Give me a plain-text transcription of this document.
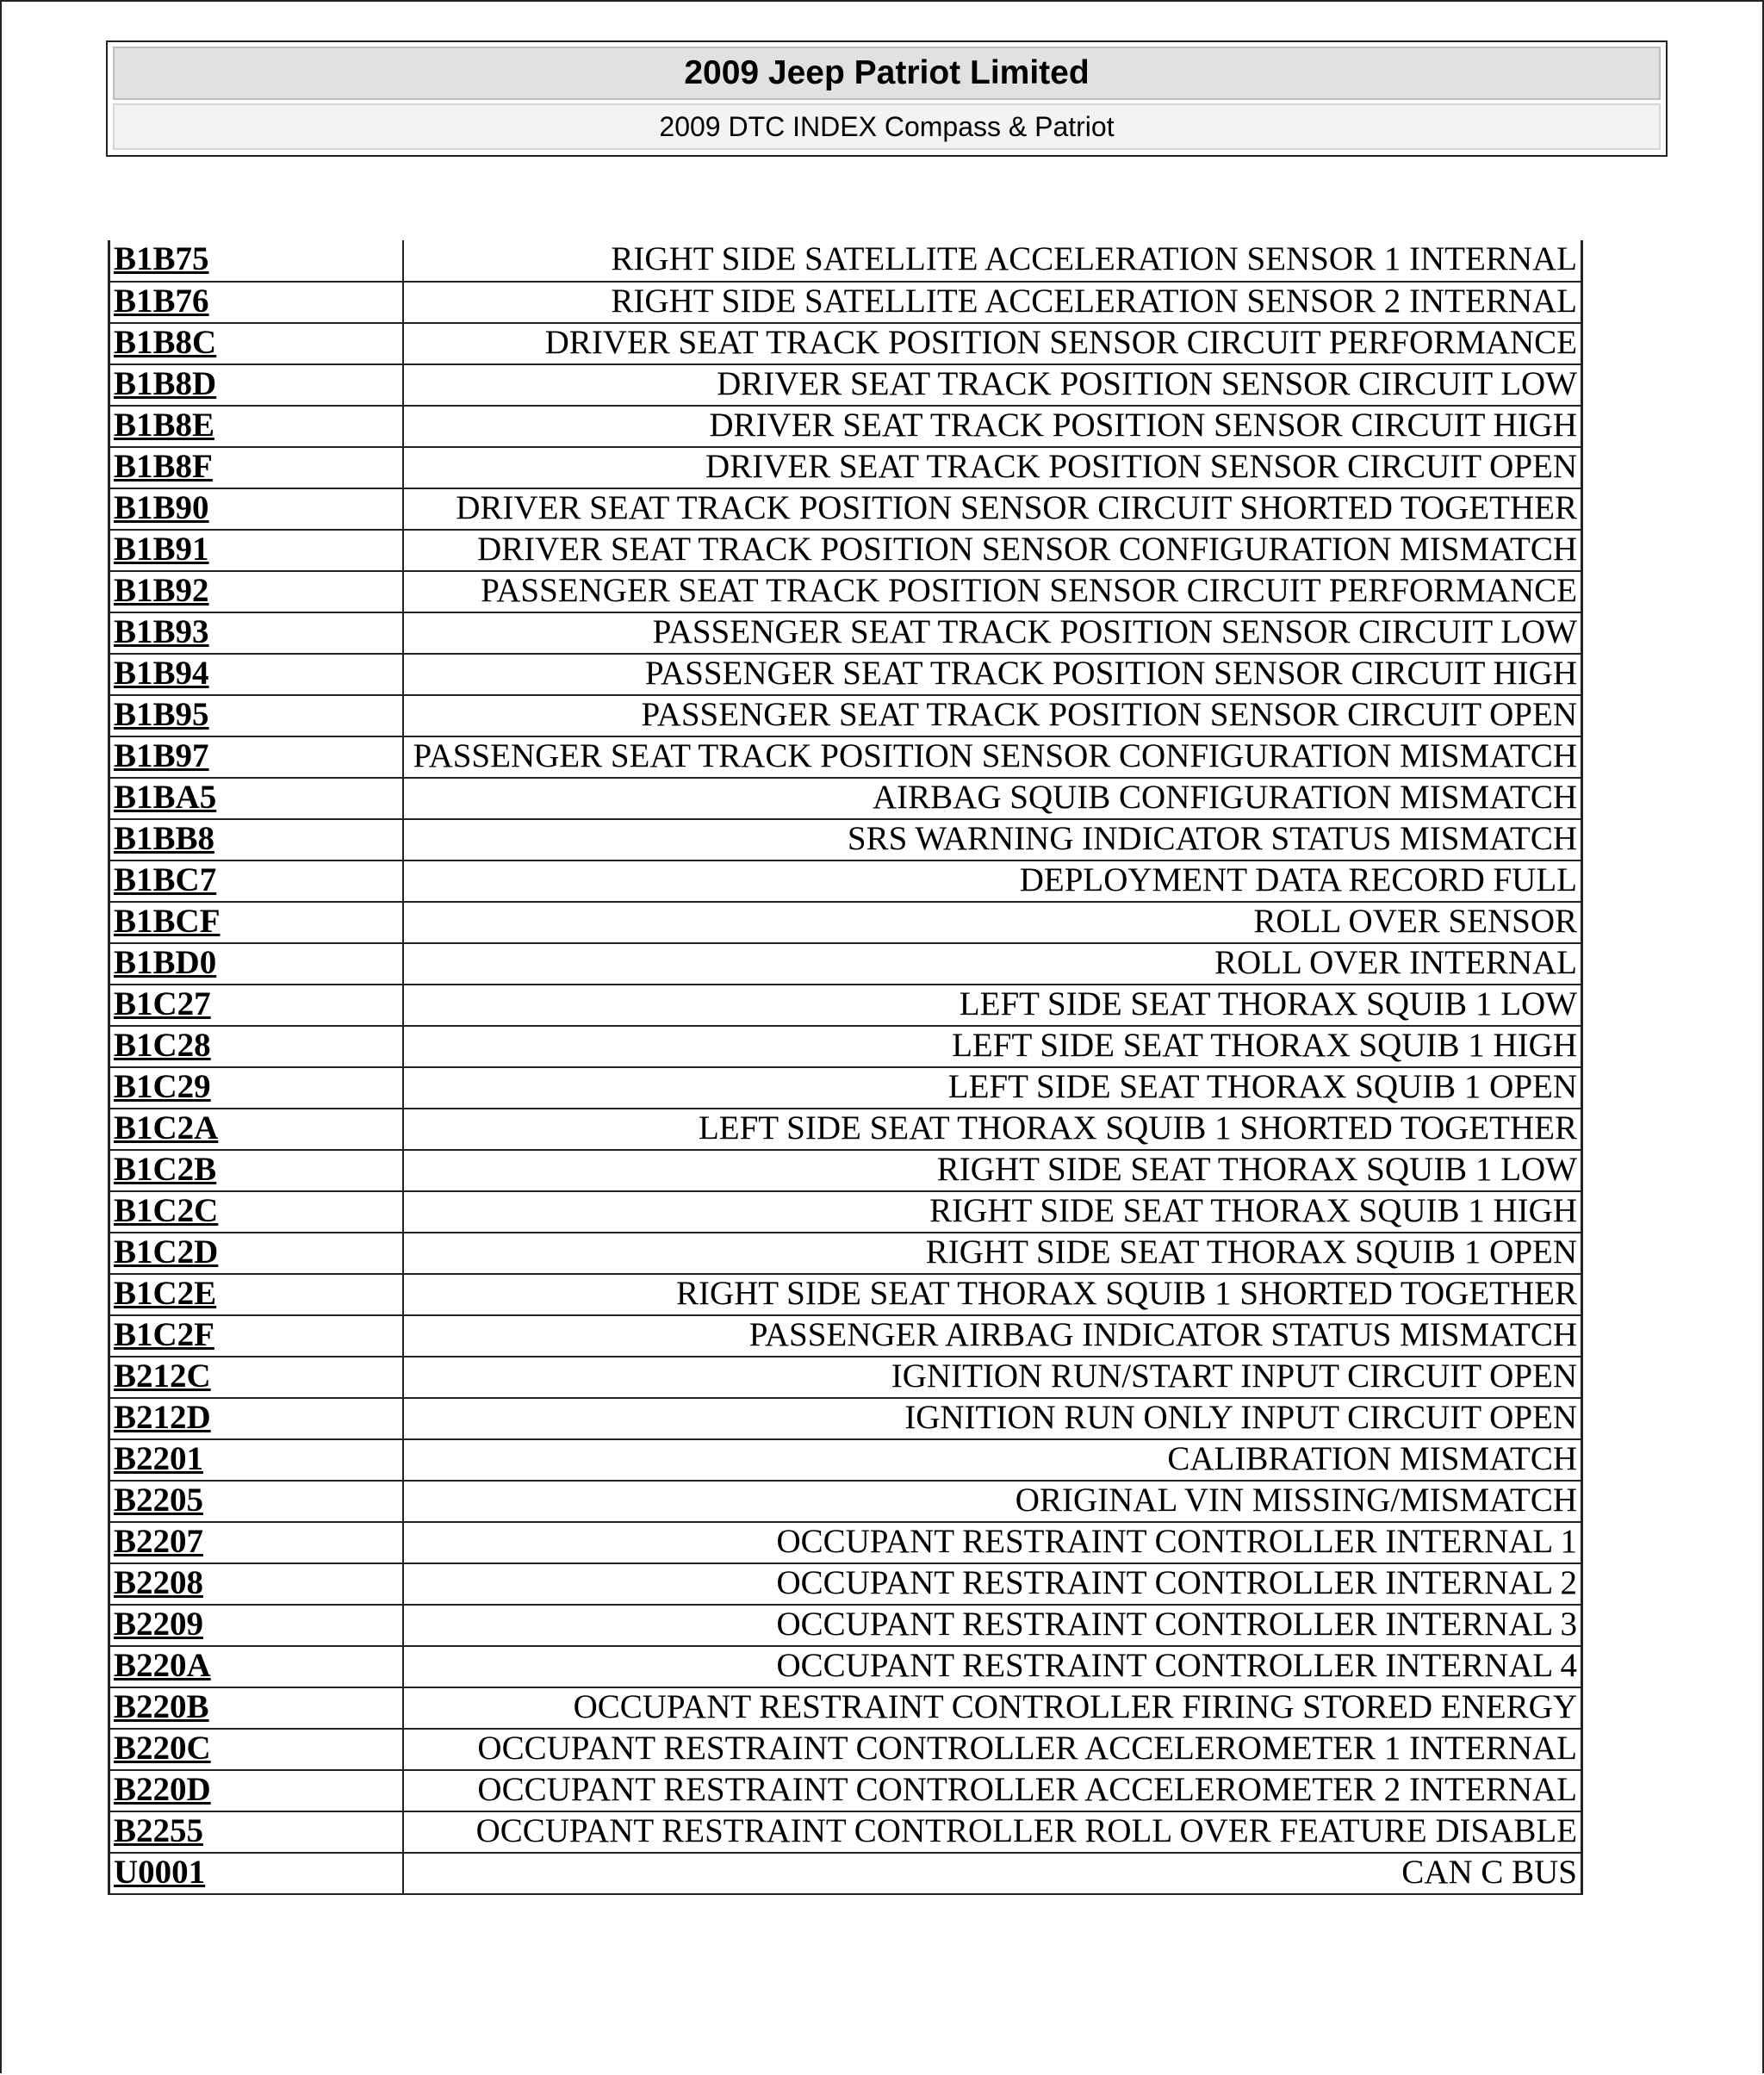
2009 Jeep Patriot Limited
2009 DTC INDEX Compass & Patriot
B1B75	RIGHT SIDE SATELLITE ACCELERATION SENSOR 1 INTERNAL
B1B76	RIGHT SIDE SATELLITE ACCELERATION SENSOR 2 INTERNAL
B1B8C	DRIVER SEAT TRACK POSITION SENSOR CIRCUIT PERFORMANCE
B1B8D	DRIVER SEAT TRACK POSITION SENSOR CIRCUIT LOW
B1B8E	DRIVER SEAT TRACK POSITION SENSOR CIRCUIT HIGH
B1B8F	DRIVER SEAT TRACK POSITION SENSOR CIRCUIT OPEN
B1B90	DRIVER SEAT TRACK POSITION SENSOR CIRCUIT SHORTED TOGETHER
B1B91	DRIVER SEAT TRACK POSITION SENSOR CONFIGURATION MISMATCH
B1B92	PASSENGER SEAT TRACK POSITION SENSOR CIRCUIT PERFORMANCE
B1B93	PASSENGER SEAT TRACK POSITION SENSOR CIRCUIT LOW
B1B94	PASSENGER SEAT TRACK POSITION SENSOR CIRCUIT HIGH
B1B95	PASSENGER SEAT TRACK POSITION SENSOR CIRCUIT OPEN
B1B97	PASSENGER SEAT TRACK POSITION SENSOR CONFIGURATION MISMATCH
B1BA5	AIRBAG SQUIB CONFIGURATION MISMATCH
B1BB8	SRS WARNING INDICATOR STATUS MISMATCH
B1BC7	DEPLOYMENT DATA RECORD FULL
B1BCF	ROLL OVER SENSOR
B1BD0	ROLL OVER INTERNAL
B1C27	LEFT SIDE SEAT THORAX SQUIB 1 LOW
B1C28	LEFT SIDE SEAT THORAX SQUIB 1 HIGH
B1C29	LEFT SIDE SEAT THORAX SQUIB 1 OPEN
B1C2A	LEFT SIDE SEAT THORAX SQUIB 1 SHORTED TOGETHER
B1C2B	RIGHT SIDE SEAT THORAX SQUIB 1 LOW
B1C2C	RIGHT SIDE SEAT THORAX SQUIB 1 HIGH
B1C2D	RIGHT SIDE SEAT THORAX SQUIB 1 OPEN
B1C2E	RIGHT SIDE SEAT THORAX SQUIB 1 SHORTED TOGETHER
B1C2F	PASSENGER AIRBAG INDICATOR STATUS MISMATCH
B212C	IGNITION RUN/START INPUT CIRCUIT OPEN
B212D	IGNITION RUN ONLY INPUT CIRCUIT OPEN
B2201	CALIBRATION MISMATCH
B2205	ORIGINAL VIN MISSING/MISMATCH
B2207	OCCUPANT RESTRAINT CONTROLLER INTERNAL 1
B2208	OCCUPANT RESTRAINT CONTROLLER INTERNAL 2
B2209	OCCUPANT RESTRAINT CONTROLLER INTERNAL 3
B220A	OCCUPANT RESTRAINT CONTROLLER INTERNAL 4
B220B	OCCUPANT RESTRAINT CONTROLLER FIRING STORED ENERGY
B220C	OCCUPANT RESTRAINT CONTROLLER ACCELEROMETER 1 INTERNAL
B220D	OCCUPANT RESTRAINT CONTROLLER ACCELEROMETER 2 INTERNAL
B2255	OCCUPANT RESTRAINT CONTROLLER ROLL OVER FEATURE DISABLE
U0001	CAN C BUS
